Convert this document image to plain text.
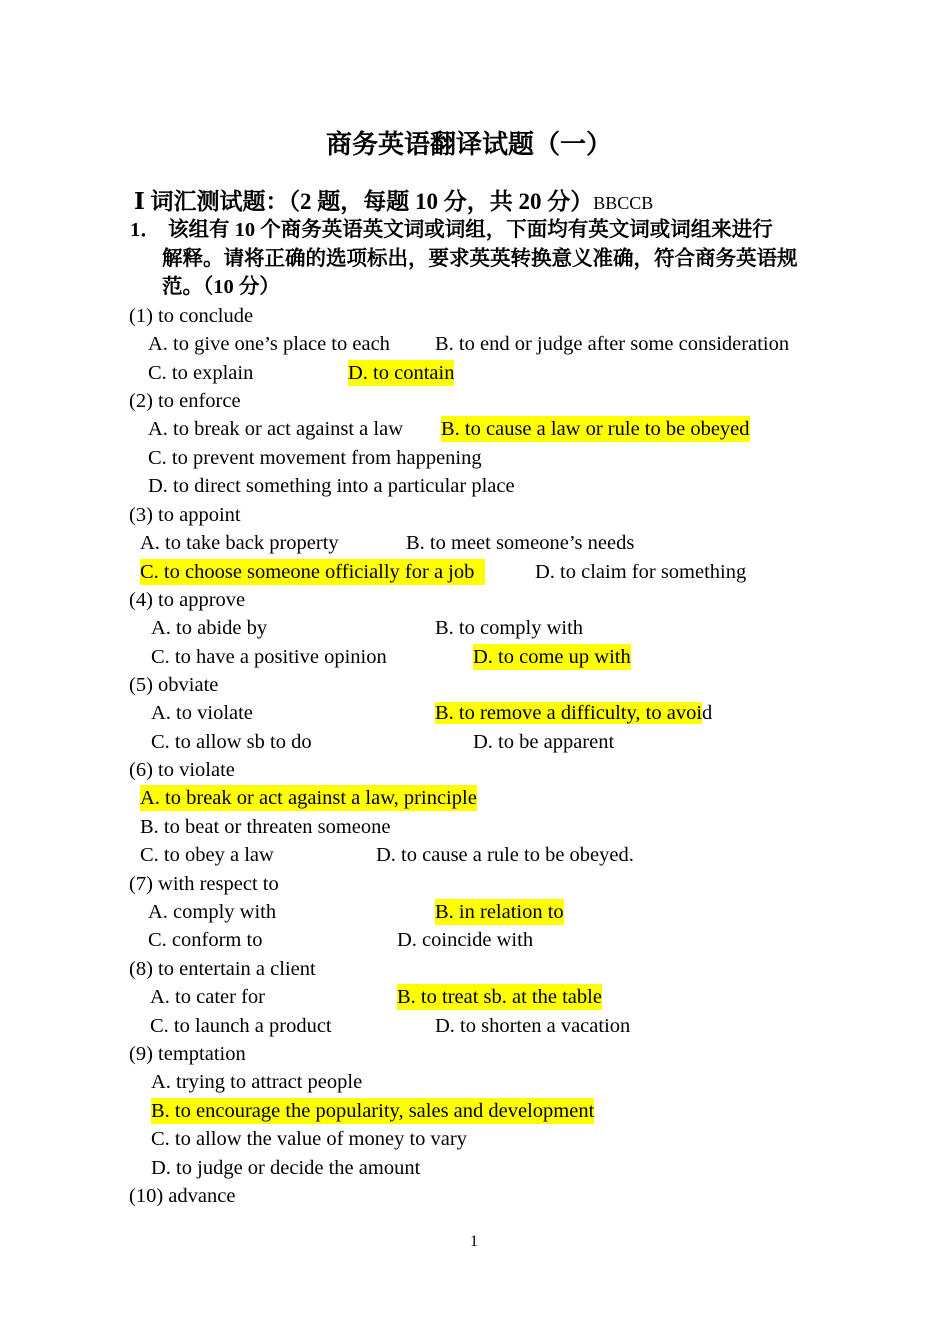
商务英语翻译试题（一）
Ⅰ 词汇测试题：（2 题，每题 10 分，共 20 分）BBCCB
1． 该组有 10 个商务英语英文词或词组，下面均有英文词或词组来进行
解释。请将正确的选项标出，要求英英转换意义准确，符合商务英语规
范。（10 分）
(1) to conclude
A. to give one’s place to each B. to end or judge after some consideration
C. to explain	D. to contain
(2) to enforce
A. to break or act against a law B. to cause a law or rule to be obeyed
C. to prevent movement from happening
D. to direct something into a particular place
(3) to appoint
A. to take back property	B. to meet someone’s needs
C. to choose someone officially for a job	D. to claim for something
(4) to approve
A. to abide by	B. to comply with
C. to have a positive opinion	D. to come up with
(5) obviate
A. to violate	B. to remove a difficulty, to avoid
C. to allow sb to do	D. to be apparent
(6) to violate
A. to break or act against a law, principle
B. to beat or threaten someone
C. to obey a law	D. to cause a rule to be obeyed.
(7) with respect to
A. comply with	B. in relation to
C. conform to	D. coincide with
(8) to entertain a client
A. to cater for	B. to treat sb. at the table
C. to launch a product	D. to shorten a vacation
(9) temptation
A. trying to attract people
B. to encourage the popularity, sales and development
C. to allow the value of money to vary
D. to judge or decide the amount
(10) advance
1
